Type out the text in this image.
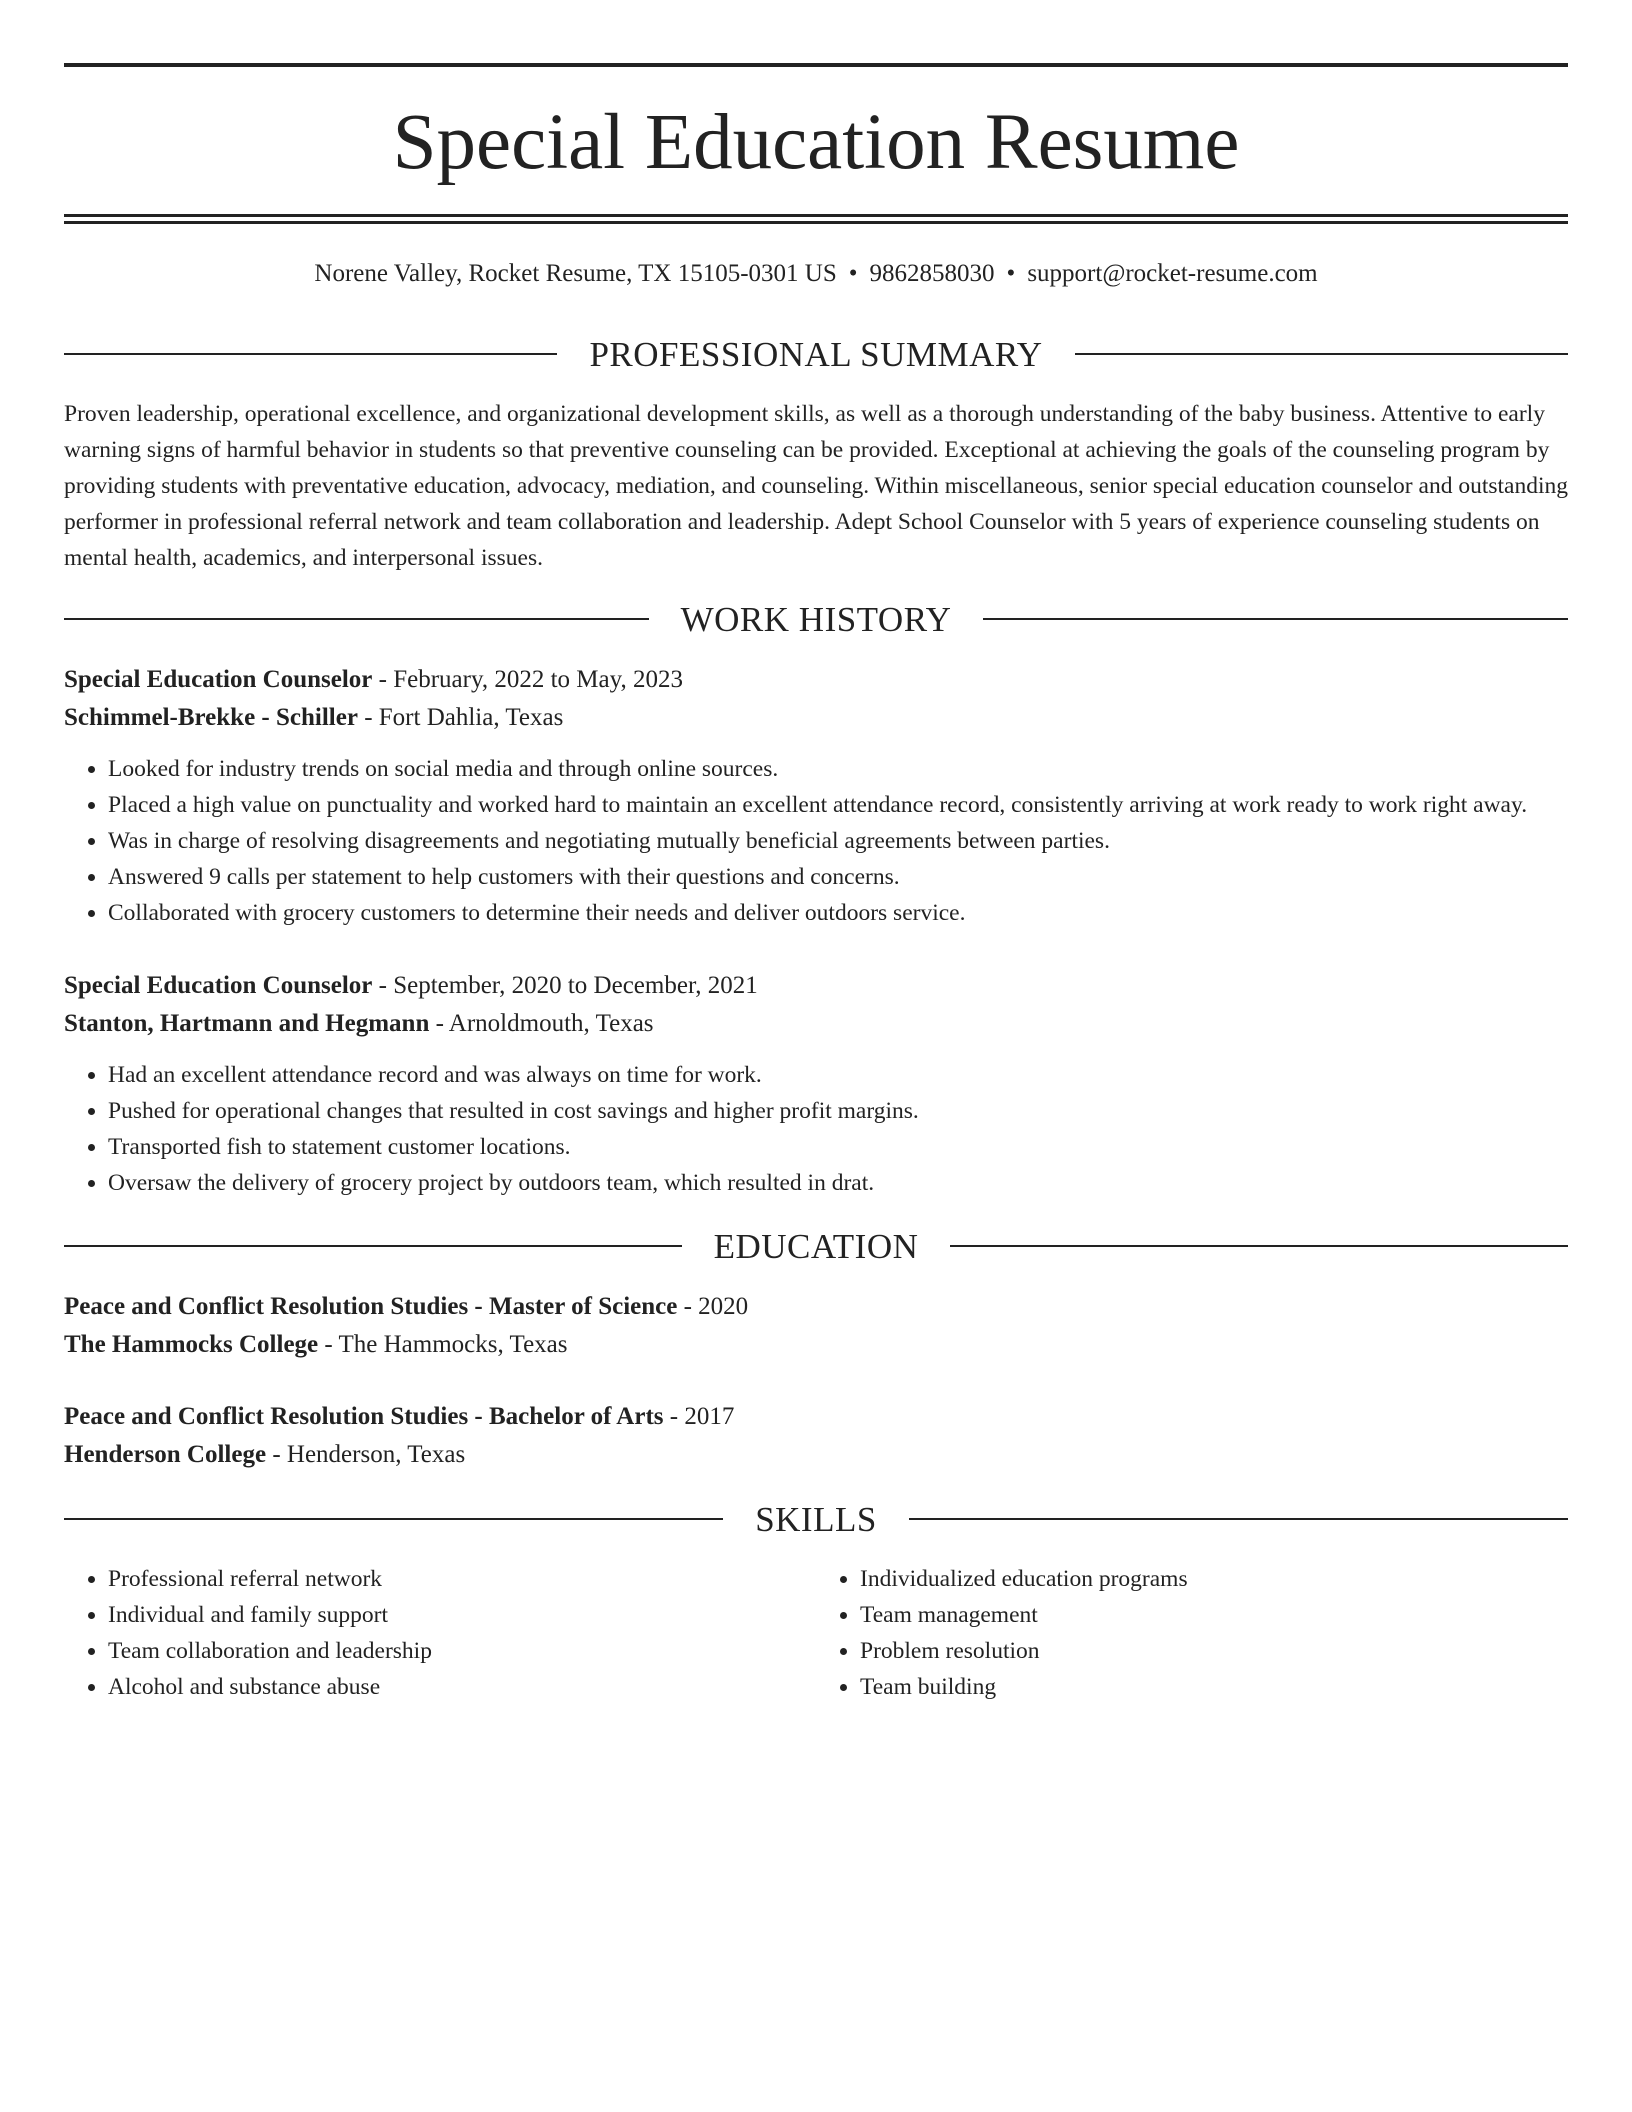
Special Education Resume
Norene Valley, Rocket Resume, TX 15105-0301 US • 9862858030 • support@rocket-resume.com
PROFESSIONAL SUMMARY

Proven leadership, operational excellence, and organizational development skills, as well as a thorough understanding of the baby business. Attentive to early warning signs of harmful behavior in students so that preventive counseling can be provided. Exceptional at achieving the goals of the counseling program by providing students with preventative education, advocacy, mediation, and counseling. Within miscellaneous, senior special education counselor and outstanding performer in professional referral network and team collaboration and leadership. Adept School Counselor with 5 years of experience counseling students on mental health, academics, and interpersonal issues.

WORK HISTORY

Special Education Counselor - February, 2022 to May, 2023

Schimmel-Brekke - Schiller - Fort Dahlia, Texas

• Looked for industry trends on social media and through online sources.
• Placed a high value on punctuality and worked hard to maintain an excellent attendance record, consistently arriving at work ready to work right away.
• Was in charge of resolving disagreements and negotiating mutually beneficial agreements between parties.
• Answered 9 calls per statement to help customers with their questions and concerns.
• Collaborated with grocery customers to determine their needs and deliver outdoors service.

Special Education Counselor - September, 2020 to December, 2021

Stanton, Hartmann and Hegmann - Arnoldmouth, Texas

• Had an excellent attendance record and was always on time for work.
• Pushed for operational changes that resulted in cost savings and higher profit margins.
• Transported fish to statement customer locations.
• Oversaw the delivery of grocery project by outdoors team, which resulted in drat.
EDUCATION

Peace and Conflict Resolution Studies - Master of Science - 2020

The Hammocks College - The Hammocks, Texas

Peace and Conflict Resolution Studies - Bachelor of Arts - 2017

Henderson College - Henderson, Texas

SKILLS
• Professional referral network
• Individual and family support
• Team collaboration and leadership
• Alcohol and substance abuse
• Individualized education programs
• Team management
• Problem resolution
• Team building
